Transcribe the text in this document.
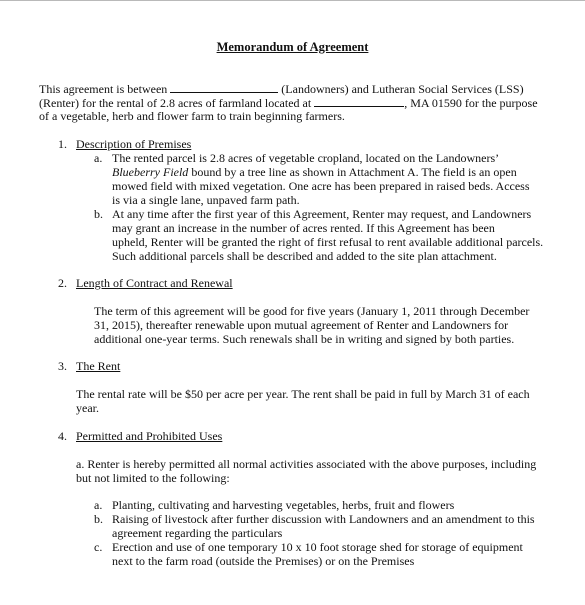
Memorandum of Agreement
This agreement is between	(Landowners) and Lutheran Social Services (LSS)
(Renter) for the rental of 2.8 acres of farmland located at	, MA 01590 for the purpose
of a vegetable, herb and flower farm to train beginning farmers.
1. Description of Premises
a. The rented parcel is 2.8 acres of vegetable cropland, located on the Landowners’
Blueberry Field bound by a tree line as shown in Attachment A. The field is an open
mowed field with mixed vegetation. One acre has been prepared in raised beds. Access
is via a single lane, unpaved farm path.
b. At any time after the first year of this Agreement, Renter may request, and Landowners
may grant an increase in the number of acres rented. If this Agreement has been
upheld, Renter will be granted the right of first refusal to rent available additional parcels.
Such additional parcels shall be described and added to the site plan attachment.
2. Length of Contract and Renewal
The term of this agreement will be good for five years (January 1, 2011 through December
31, 2015), thereafter renewable upon mutual agreement of Renter and Landowners for
additional one-year terms. Such renewals shall be in writing and signed by both parties.
3. The Rent
The rental rate will be $50 per acre per year. The rent shall be paid in full by March 31 of each
year.
4. Permitted and Prohibited Uses
a. Renter is hereby permitted all normal activities associated with the above purposes, including
but not limited to the following:
a. Planting, cultivating and harvesting vegetables, herbs, fruit and flowers
b. Raising of livestock after further discussion with Landowners and an amendment to this
agreement regarding the particulars
c. Erection and use of one temporary 10 x 10 foot storage shed for storage of equipment
next to the farm road (outside the Premises) or on the Premises
